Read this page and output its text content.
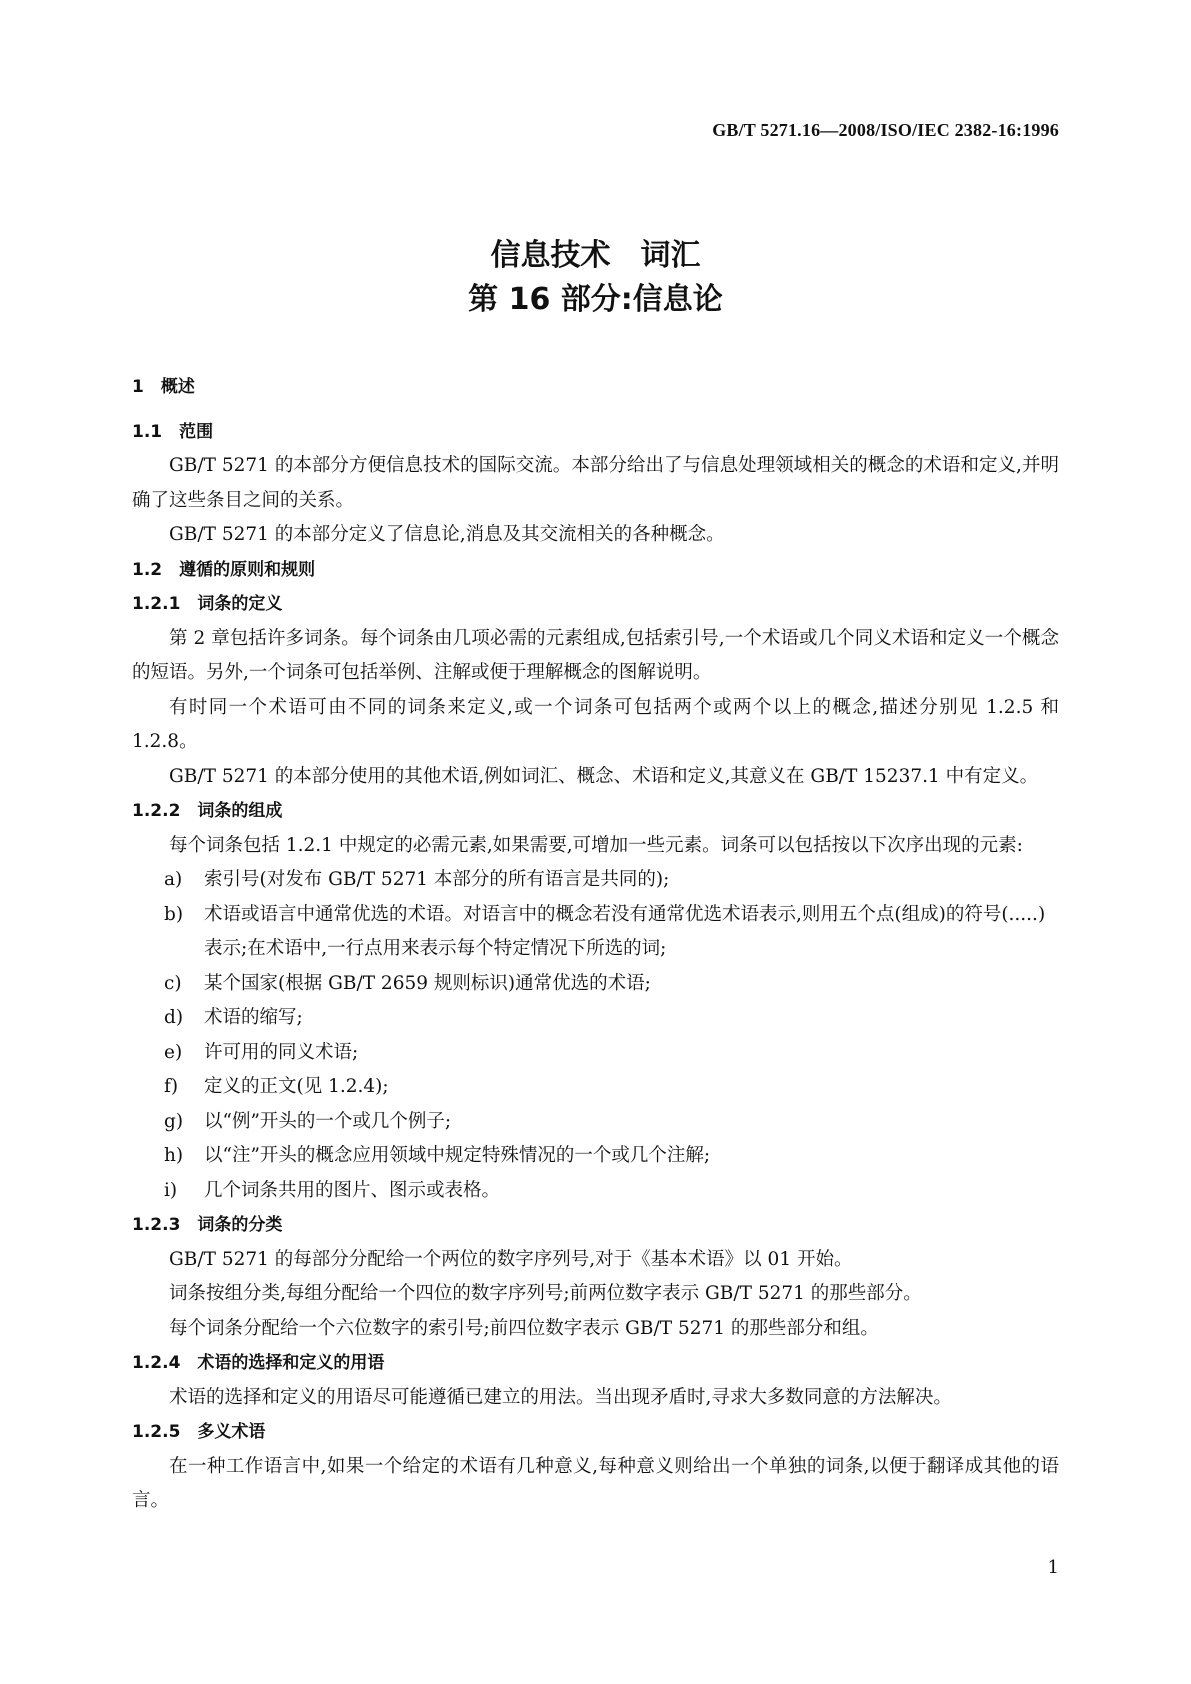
GB/T 5271.16—2008/ISO/IEC 2382-16:1996
信息技术　词汇
第 16 部分:信息论
1　概述
1.1　范围

GB/T 5271 的本部分方便信息技术的国际交流。本部分给出了与信息处理领域相关的概念的术语和定义,并明确了这些条目之间的关系。

GB/T 5271 的本部分定义了信息论,消息及其交流相关的各种概念。

1.2　遵循的原则和规则
1.2.1　词条的定义

第 2 章包括许多词条。每个词条由几项必需的元素组成,包括索引号,一个术语或几个同义术语和定义一个概念的短语。另外,一个词条可包括举例、注解或便于理解概念的图解说明。

有时同一个术语可由不同的词条来定义,或一个词条可包括两个或两个以上的概念,描述分别见 1.2.5 和 1.2.8。

GB/T 5271 的本部分使用的其他术语,例如词汇、概念、术语和定义,其意义在 GB/T 15237.1 中有定义。

1.2.2　词条的组成

每个词条包括 1.2.1 中规定的必需元素,如果需要,可增加一些元素。词条可以包括按以下次序出现的元素:

a)	索引号(对发布 GB/T 5271 本部分的所有语言是共同的);
b)	术语或语言中通常优选的术语。对语言中的概念若没有通常优选术语表示,则用五个点(组成)的符号(.....)表示;在术语中,一行点用来表示每个特定情况下所选的词;
c)	某个国家(根据 GB/T 2659 规则标识)通常优选的术语;
d)	术语的缩写;
e)	许可用的同义术语;
f)	定义的正文(见 1.2.4);
g)	以“例”开头的一个或几个例子;
h)	以“注”开头的概念应用领域中规定特殊情况的一个或几个注解;
i)	几个词条共用的图片、图示或表格。
1.2.3　词条的分类

GB/T 5271 的每部分分配给一个两位的数字序列号,对于《基本术语》以 01 开始。

词条按组分类,每组分配给一个四位的数字序列号;前两位数字表示 GB/T 5271 的那些部分。

每个词条分配给一个六位数字的索引号;前四位数字表示 GB/T 5271 的那些部分和组。

1.2.4　术语的选择和定义的用语

术语的选择和定义的用语尽可能遵循已建立的用法。当出现矛盾时,寻求大多数同意的方法解决。

1.2.5　多义术语

在一种工作语言中,如果一个给定的术语有几种意义,每种意义则给出一个单独的词条,以便于翻译成其他的语言。

1
